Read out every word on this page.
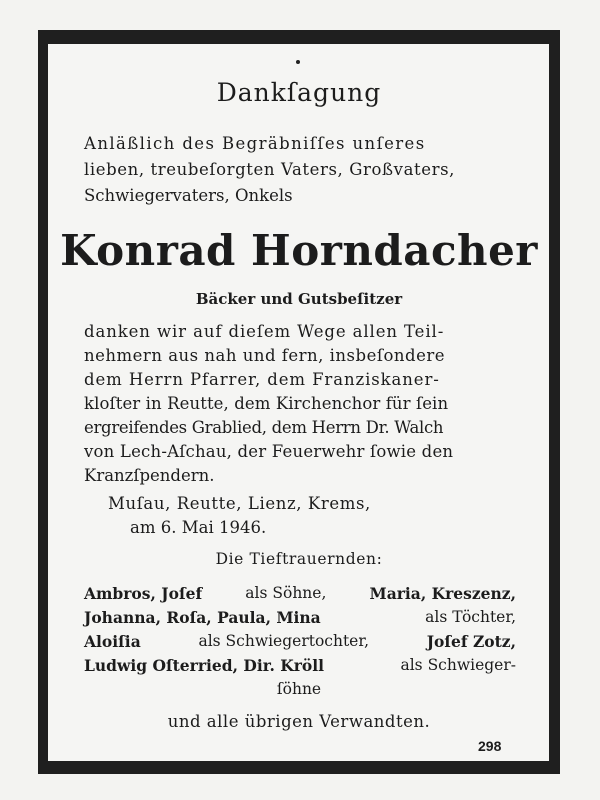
Dankſagung
Anläßlich des Begräbniſſes unſeres
lieben, treubeſorgten Vaters, Großvaters,
Schwiegervaters, Onkels
Konrad Horndacher
Bäcker und Gutsbeſitzer
danken wir auf dieſem Wege allen Teil-
nehmern aus nah und fern, insbeſondere
dem Herrn Pfarrer, dem Franziskaner-
kloſter in Reutte, dem Kirchenchor für ſein
ergreifendes Grablied, dem Herrn Dr. Walch
von Lech-Aſchau, der Feuerwehr ſowie den
Kranzſpendern.
Muſau, Reutte, Lienz, Krems,
am 6. Mai 1946.
Die Tieftrauernden:
Ambros, Joſef	als Söhne,	Maria, Kreszenz,
Johanna, Roſa, Paula, Mina	als Töchter,
Aloiſia	als Schwiegertochter,	Joſef Zotz,
Ludwig Oſterried, Dir. Kröll	als Schwieger-
ſöhne
und alle übrigen Verwandten.
298
